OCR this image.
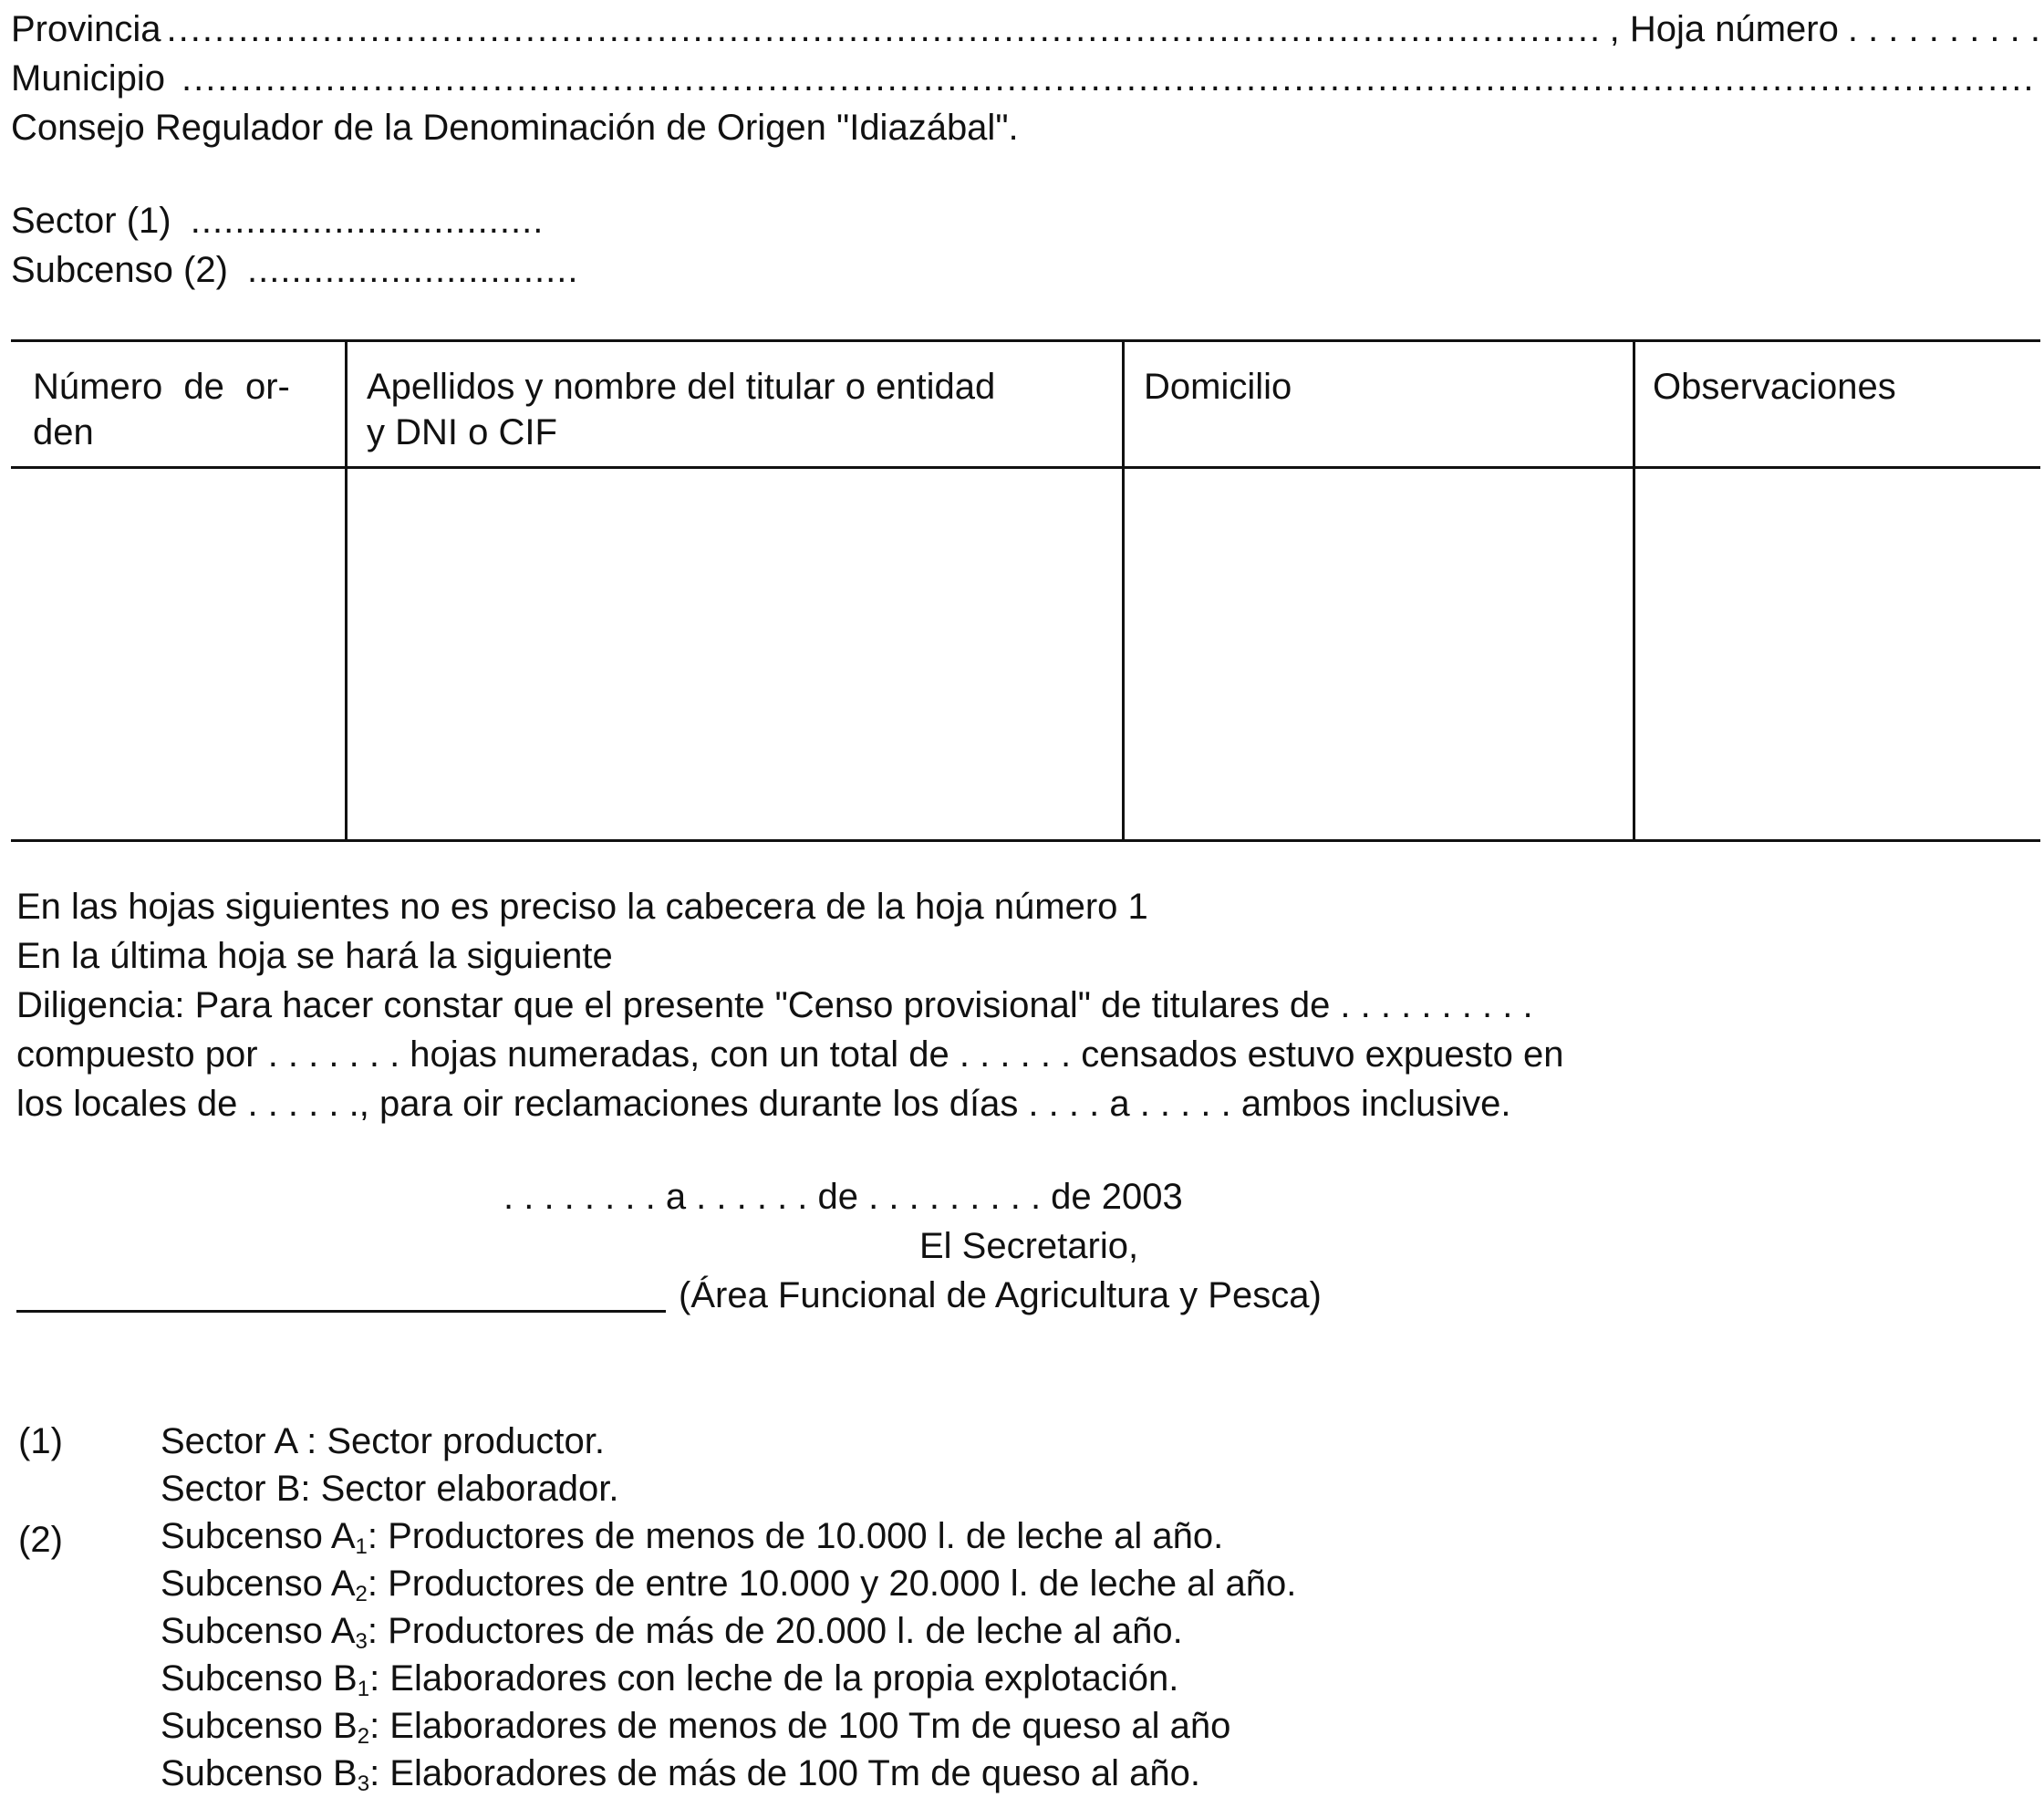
Provincia
.....	, Hoja número . . . . . . . . . .
Municipio
.....
Consejo Regulador de la Denominación de Origen "Idiazábal".
Sector (1) ................................
Subcenso (2) ..............................
Número de or-
den
Apellidos y nombre del titular o entidad
y DNI o CIF
Domicilio	Observaciones
En las hojas siguientes no es preciso la cabecera de la hoja número 1
En la última hoja se hará la siguiente
Diligencia: Para hacer constar que el presente "Censo provisional" de titulares de . . . . . . . . . .
compuesto por . . . . . . . hojas numeradas, con un total de . . . . . . censados estuvo expuesto en
los locales de . . . . . ., para oir reclamaciones durante los días . . . . a . . . . . ambos inclusive.
. . . . . . . . a . . . . . . de . . . . . . . . . de 2003
El Secretario,
(Área Funcional de Agricultura y Pesca)
(1)	Sector A : Sector productor.
Sector B: Sector elaborador.
(2)	Subcenso $A_1$: Productores de menos de 10.000 l. de leche al año.
Subcenso $A_2$: Productores de entre 10.000 y 20.000 l. de leche al año.
Subcenso $A_3$: Productores de más de 20.000 l. de leche al año.
Subcenso $B_1$: Elaboradores con leche de la propia explotación.
Subcenso $B_2$: Elaboradores de menos de 100 Tm de queso al año
Subcenso $B_3$: Elaboradores de más de 100 Tm de queso al año.
